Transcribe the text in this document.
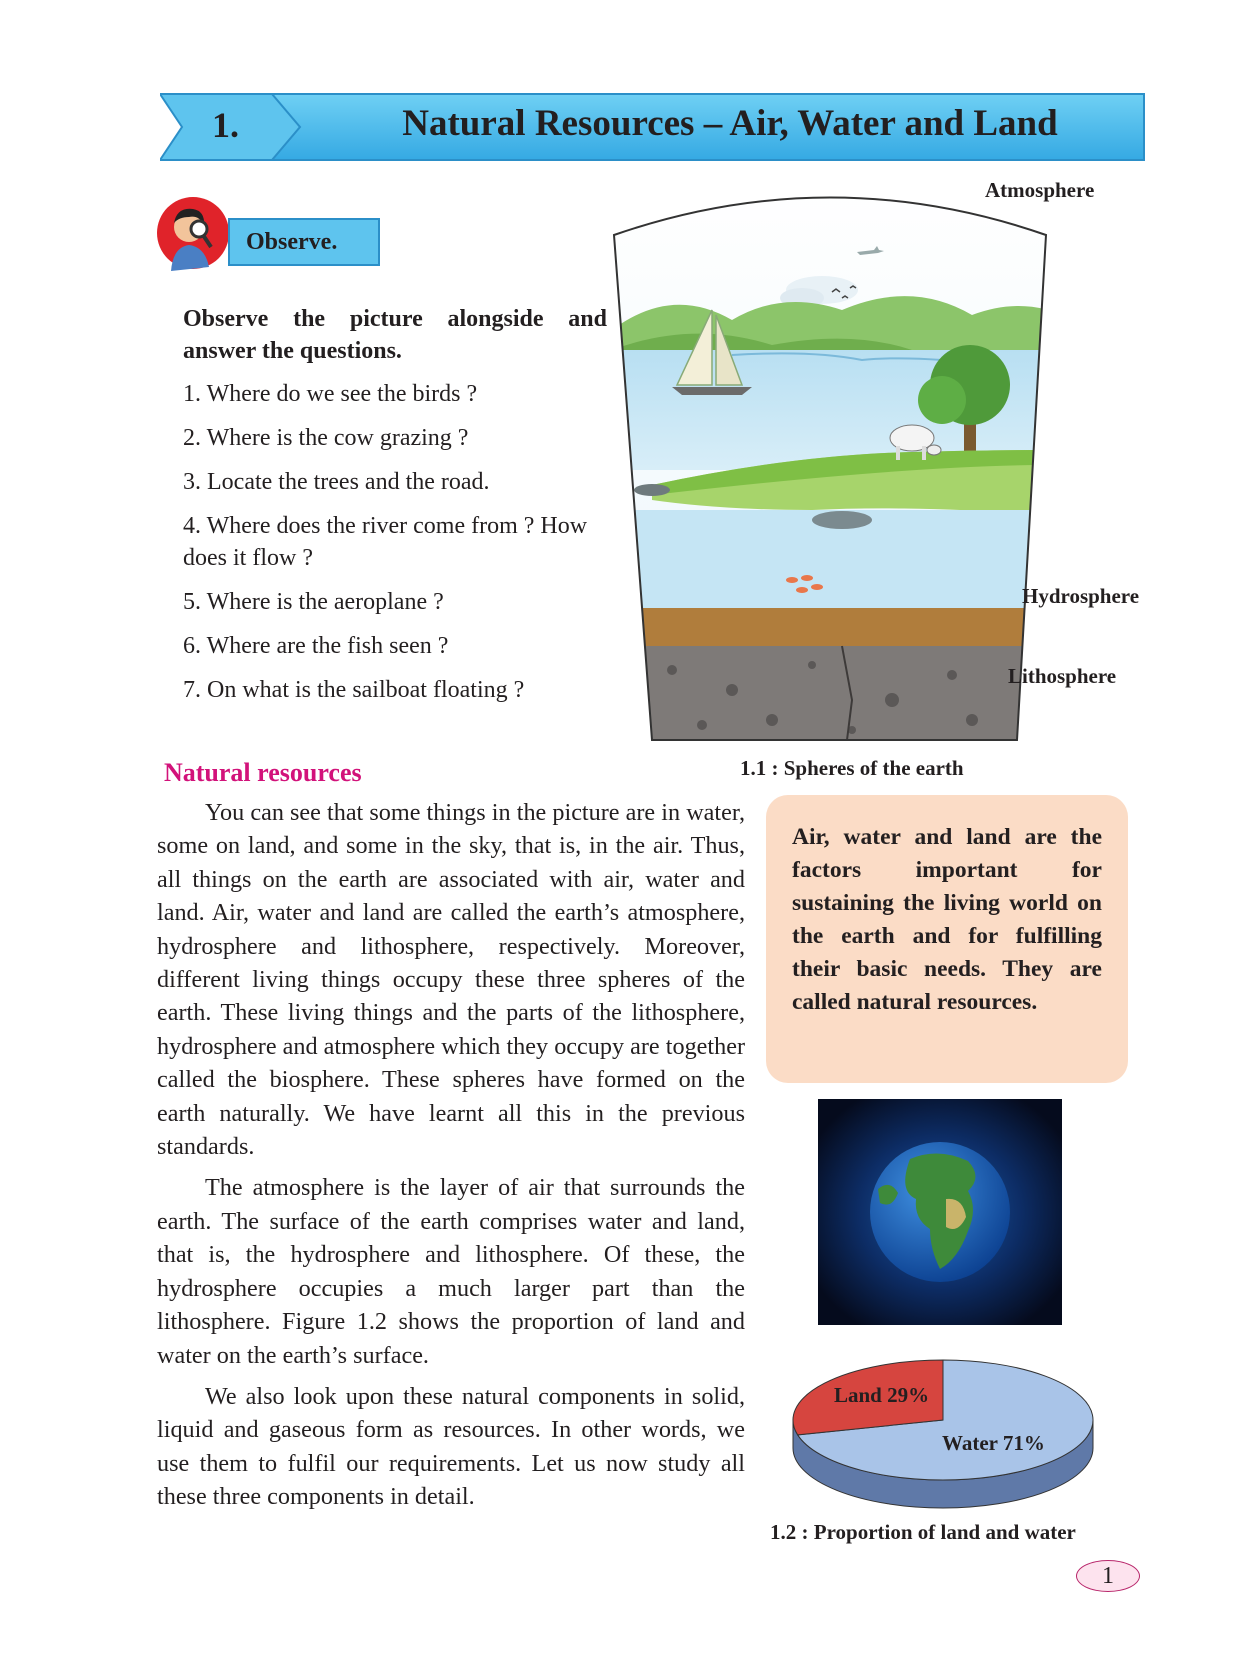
1.	Natural Resources – Air, Water and Land
Observe.
Observe the picture alongside and answer the questions.
1. Where do we see the birds ?
2. Where is the cow grazing ?
3. Locate the trees and the road.
4. Where does the river come from ? How does it flow ?
5. Where is the aeroplane ?
6. Where are the fish seen ?
7. On what is the sailboat floating ?
Atmosphere
Hydrosphere
Lithosphere
1.1 : Spheres of the earth
Natural resources

You can see that some things in the picture are in water, some on land, and some in the sky, that is, in the air. Thus, all things on the earth are associated with air, water and land. Air, water and land are called the earth’s atmosphere, hydrosphere and lithosphere, respectively. Moreover, different living things occupy these three spheres of the earth. These living things and the parts of the lithosphere, hydrosphere and atmosphere which they occupy are together called the biosphere. These spheres have formed on the earth naturally. We have learnt all this in the previous standards.

The atmosphere is the layer of air that surrounds the earth. The surface of the earth comprises water and land, that is, the hydrosphere and lithosphere. Of these, the hydrosphere occupies a much larger part than the lithosphere. Figure 1.2 shows the proportion of land and water on the earth’s surface.

We also look upon these natural components in solid, liquid and gaseous form as resources. In other words, we use them to fulfil our requirements. Let us now study all these three components in detail.

Air, water and land are the factors important for sustaining the living world on the earth and for fulfilling their basic needs. They are called natural resources.
Land 29%
Water 71%
1.2 : Proportion of land and water
1
